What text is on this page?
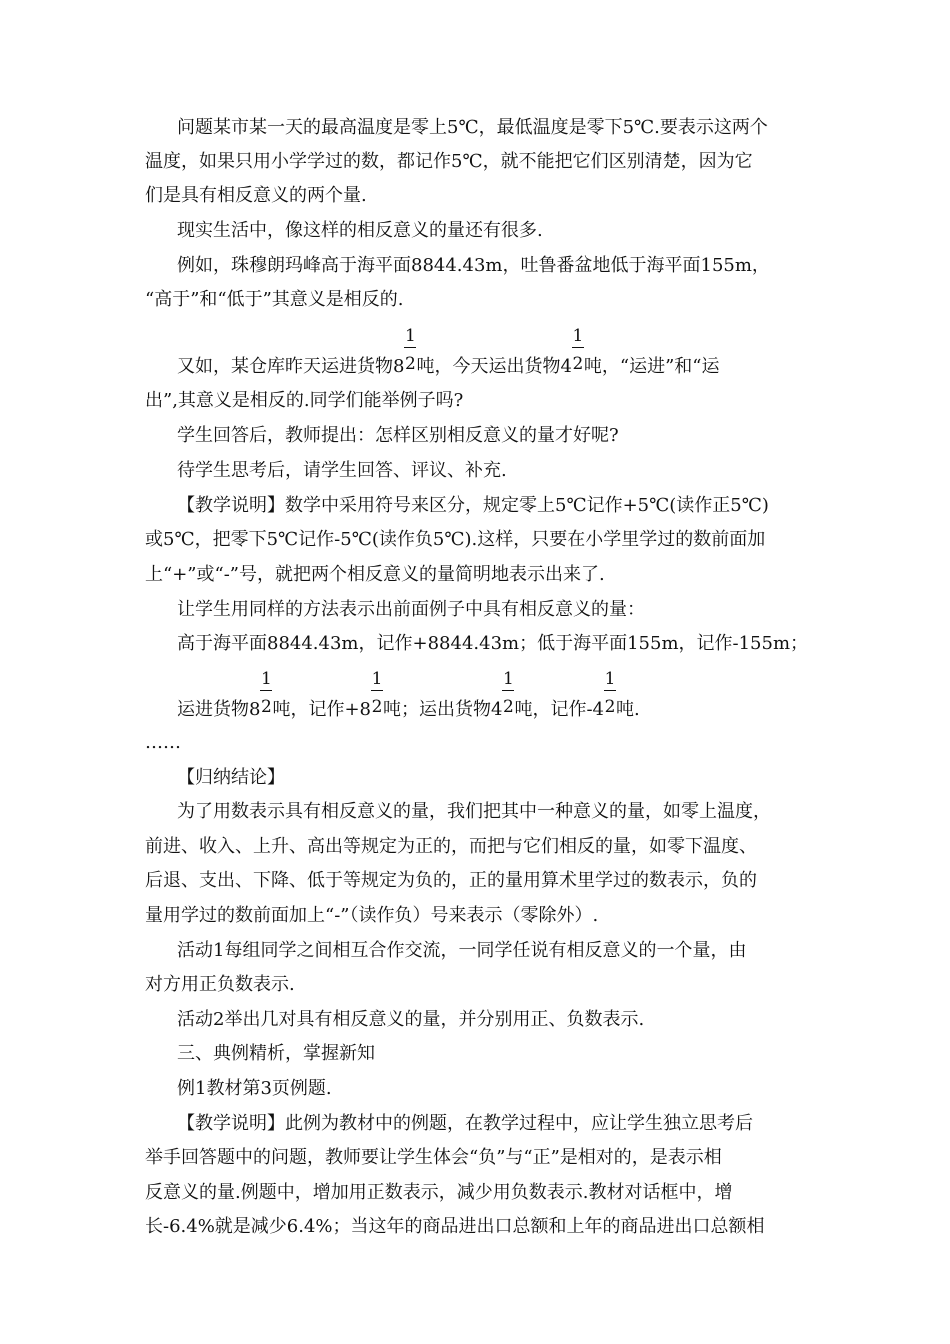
问题某市某一天的最高温度是零上5℃，最低温度是零下5℃.要表示这两个
温度，如果只用小学学过的数，都记作5℃，就不能把它们区别清楚，因为它
们是具有相反意义的两个量.
现实生活中，像这样的相反意义的量还有很多.
例如，珠穆朗玛峰高于海平面8844.43m，吐鲁番盆地低于海平面155m，
“高于”和“低于”其意义是相反的.
又如，某仓库昨天运进货物$8 \frac{1}{2}$ 吨，今天运出货物$4 \frac{1}{2}$ 吨，“运进”和“运
出”,其意义是相反的.同学们能举例子吗?
学生回答后，教师提出：怎样区别相反意义的量才好呢?
待学生思考后，请学生回答、评议、补充.
【教学说明】数学中采用符号来区分，规定零上5℃记作+5℃(读作正5℃)
或5℃，把零下5℃记作-5℃(读作负5℃).这样，只要在小学里学过的数前面加
上“+”或“-”号，就把两个相反意义的量简明地表示出来了.
让学生用同样的方法表示出前面例子中具有相反意义的量：
高于海平面8844.43m，记作+8844.43m；低于海平面155m，记作-155m；
运进货物$8 \frac{1}{2}$ 吨，记作$+8 \frac{1}{2}$ 吨；运出货物$4 \frac{1}{2}$ 吨，记作$-4 \frac{1}{2}$ 吨.
……
【归纳结论】
为了用数表示具有相反意义的量，我们把其中一种意义的量，如零上温度，
前进、收入、上升、高出等规定为正的，而把与它们相反的量，如零下温度、
后退、支出、下降、低于等规定为负的，正的量用算术里学过的数表示，负的
量用学过的数前面加上“-”（读作负）号来表示（零除外）.
活动1每组同学之间相互合作交流，一同学任说有相反意义的一个量，由
对方用正负数表示.
活动2举出几对具有相反意义的量，并分别用正、负数表示.
三、典例精析，掌握新知
例1教材第3页例题.
【教学说明】此例为教材中的例题，在教学过程中，应让学生独立思考后
举手回答题中的问题，教师要让学生体会“负”与“正”是相对的，是表示相
反意义的量.例题中，增加用正数表示，减少用负数表示.教材对话框中，增
长-6.4%就是减少6.4%；当这年的商品进出口总额和上年的商品进出口总额相
